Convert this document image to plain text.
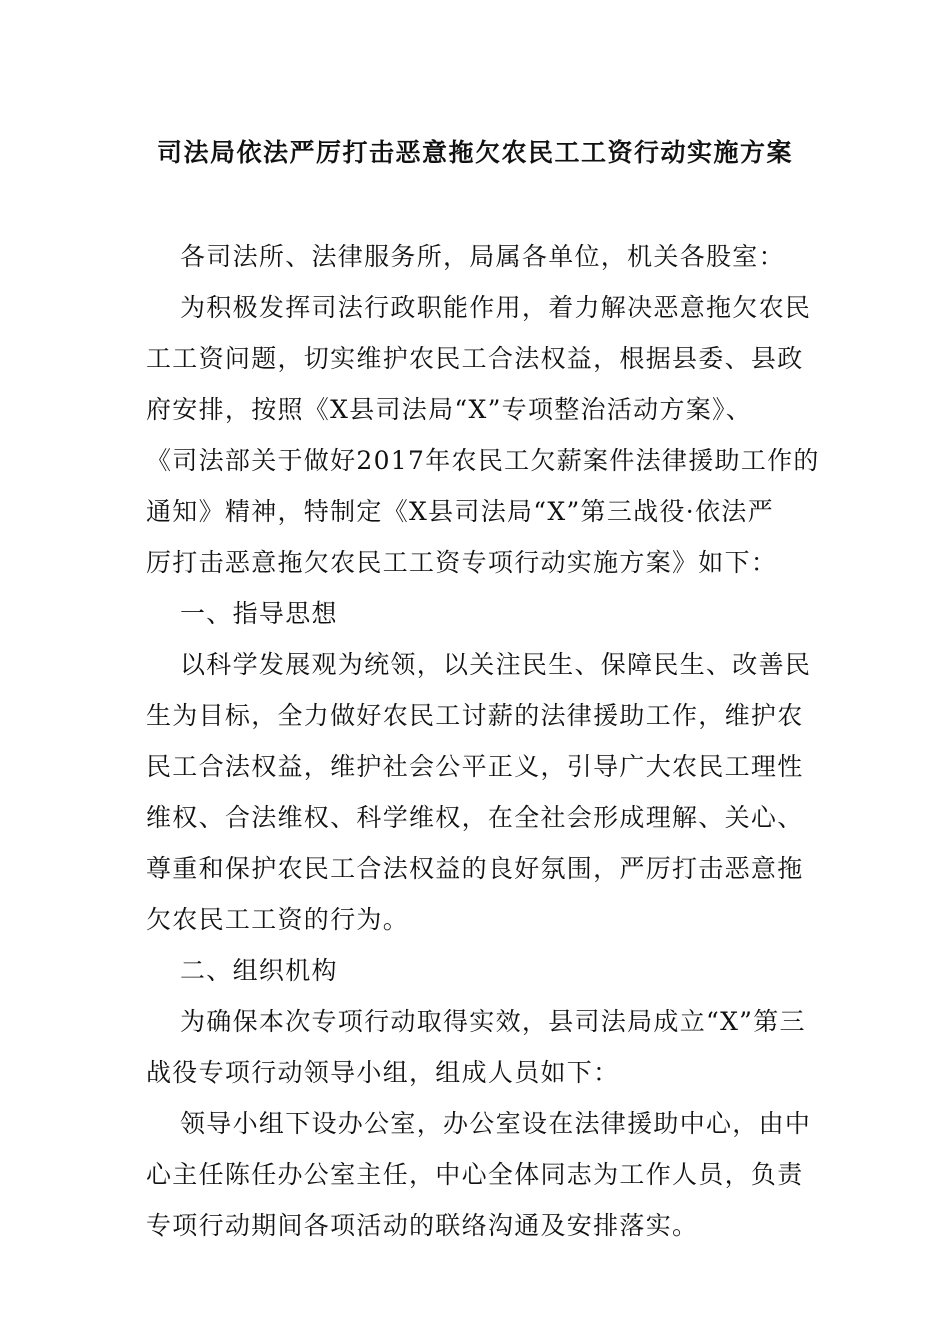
司法局依法严厉打击恶意拖欠农民工工资行动实施方案

各司法所、法律服务所，局属各单位，机关各股室：

为积极发挥司法行政职能作用，着力解决恶意拖欠农民
工工资问题，切实维护农民工合法权益，根据县委、县政
府安排，按照《X县司法局“X”专项整治活动方案》、
《司法部关于做好2017年农民工欠薪案件法律援助工作的
通知》精神，特制定《X县司法局“X”第三战役·依法严
厉打击恶意拖欠农民工工资专项行动实施方案》如下：

一、指导思想

以科学发展观为统领，以关注民生、保障民生、改善民
生为目标，全力做好农民工讨薪的法律援助工作，维护农
民工合法权益，维护社会公平正义，引导广大农民工理性
维权、合法维权、科学维权，在全社会形成理解、关心、
尊重和保护农民工合法权益的良好氛围，严厉打击恶意拖
欠农民工工资的行为。

二、组织机构

为确保本次专项行动取得实效，县司法局成立“X”第三
战役专项行动领导小组，组成人员如下：

领导小组下设办公室，办公室设在法律援助中心，由中
心主任陈任办公室主任，中心全体同志为工作人员，负责
专项行动期间各项活动的联络沟通及安排落实。
